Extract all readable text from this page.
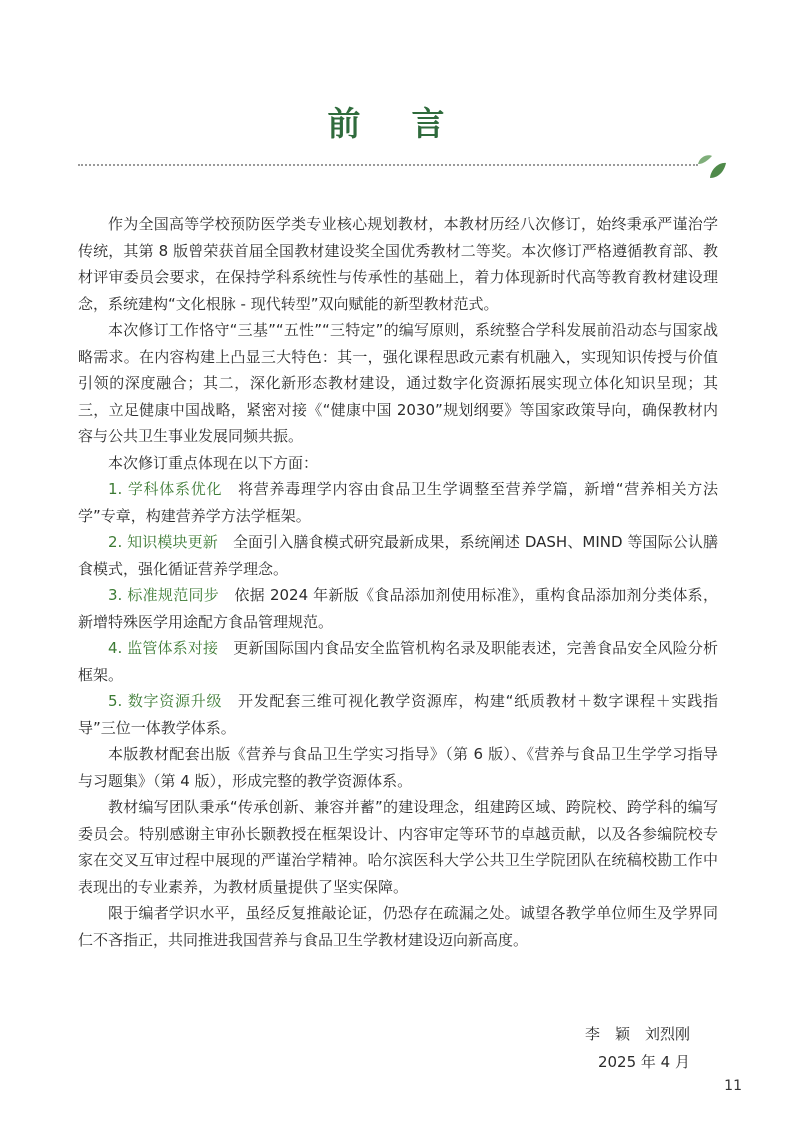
前 言

作为全国高等学校预防医学类专业核心规划教材，本教材历经八次修订，始终秉承严谨治学传统，其第 8 版曾荣获首届全国教材建设奖全国优秀教材二等奖。本次修订严格遵循教育部、教材评审委员会要求，在保持学科系统性与传承性的基础上，着力体现新时代高等教育教材建设理念，系统建构“文化根脉 - 现代转型”双向赋能的新型教材范式。

本次修订工作恪守“三基”“五性”“三特定”的编写原则，系统整合学科发展前沿动态与国家战略需求。在内容构建上凸显三大特色：其一，强化课程思政元素有机融入，实现知识传授与价值引领的深度融合；其二，深化新形态教材建设，通过数字化资源拓展实现立体化知识呈现；其三，立足健康中国战略，紧密对接《“健康中国 2030”规划纲要》等国家政策导向，确保教材内容与公共卫生事业发展同频共振。

本次修订重点体现在以下方面：

1. 学科体系优化　 将营养毒理学内容由食品卫生学调整至营养学篇，新增“营养相关方法学”专章，构建营养学方法学框架。

2. 知识模块更新　 全面引入膳食模式研究最新成果，系统阐述 DASH、MIND 等国际公认膳食模式，强化循证营养学理念。

3. 标准规范同步　 依据 2024 年新版《食品添加剂使用标准》，重构食品添加剂分类体系，新增特殊医学用途配方食品管理规范。

4. 监管体系对接　 更新国际国内食品安全监管机构名录及职能表述，完善食品安全风险分析框架。

5. 数字资源升级　 开发配套三维可视化教学资源库，构建“纸质教材＋数字课程＋实践指导”三位一体教学体系。

本版教材配套出版《营养与食品卫生学实习指导》（第 6 版）、《营养与食品卫生学学习指导与习题集》（第 4 版），形成完整的教学资源体系。

教材编写团队秉承“传承创新、兼容并蓄”的建设理念，组建跨区域、跨院校、跨学科的编写委员会。特别感谢主审孙长颢教授在框架设计、内容审定等环节的卓越贡献，以及各参编院校专家在交叉互审过程中展现的严谨治学精神。哈尔滨医科大学公共卫生学院团队在统稿校勘工作中表现出的专业素养，为教材质量提供了坚实保障。

限于编者学识水平，虽经反复推敲论证，仍恐存在疏漏之处。诚望各教学单位师生及学界同仁不吝指正，共同推进我国营养与食品卫生学教材建设迈向新高度。

李　颖　刘烈刚
2025 年 4 月
11
